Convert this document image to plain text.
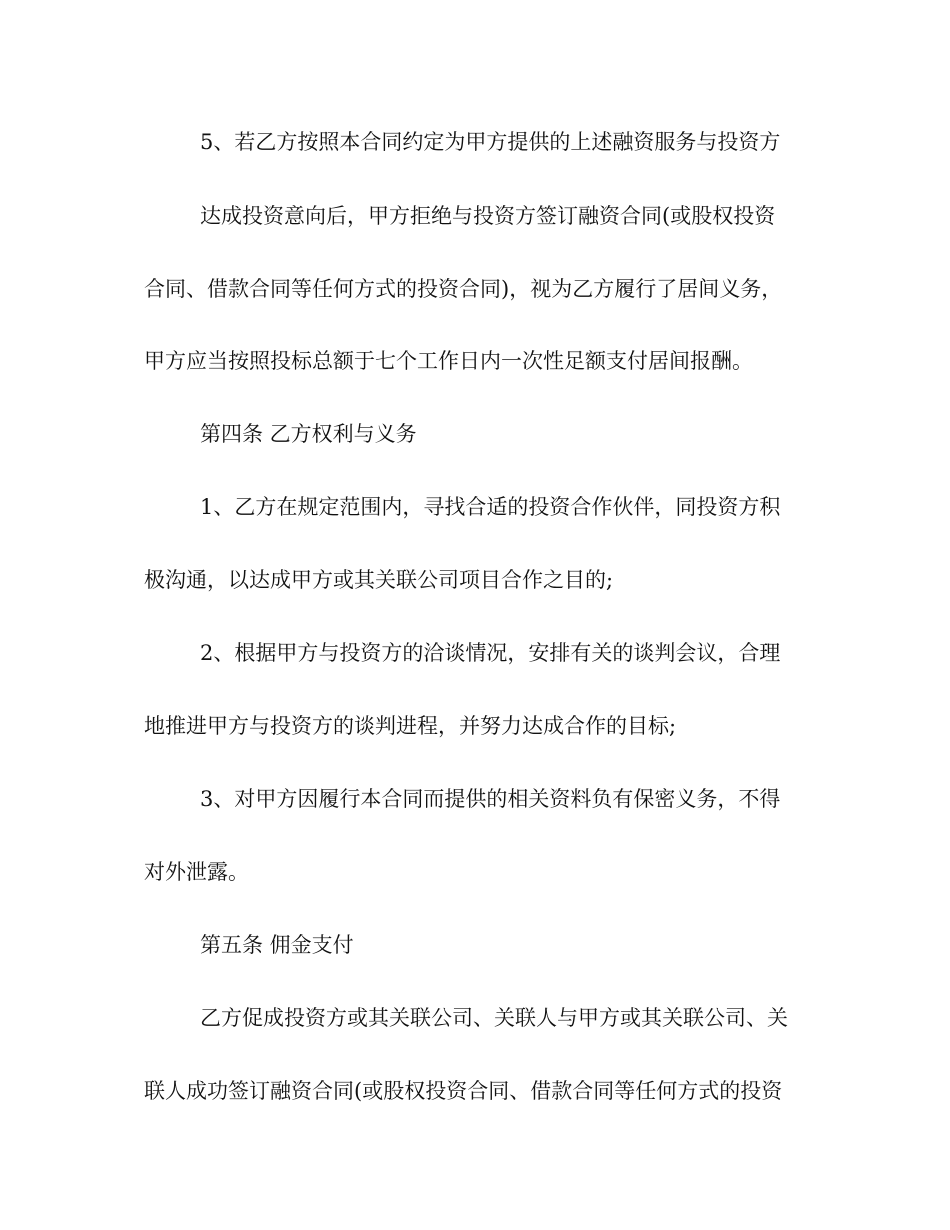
5、若乙方按照本合同约定为甲方提供的上述融资服务与投资方
达成投资意向后，甲方拒绝与投资方签订融资合同(或股权投资
合同、借款合同等任何方式的投资合同)，视为乙方履行了居间义务，
甲方应当按照投标总额于七个工作日内一次性足额支付居间报酬。
第四条 乙方权利与义务
1、乙方在规定范围内，寻找合适的投资合作伙伴，同投资方积
极沟通，以达成甲方或其关联公司项目合作之目的;
2、根据甲方与投资方的洽谈情况，安排有关的谈判会议，合理
地推进甲方与投资方的谈判进程，并努力达成合作的目标;
3、对甲方因履行本合同而提供的相关资料负有保密义务，不得
对外泄露。
第五条 佣金支付
乙方促成投资方或其关联公司、关联人与甲方或其关联公司、关
联人成功签订融资合同(或股权投资合同、借款合同等任何方式的投资
